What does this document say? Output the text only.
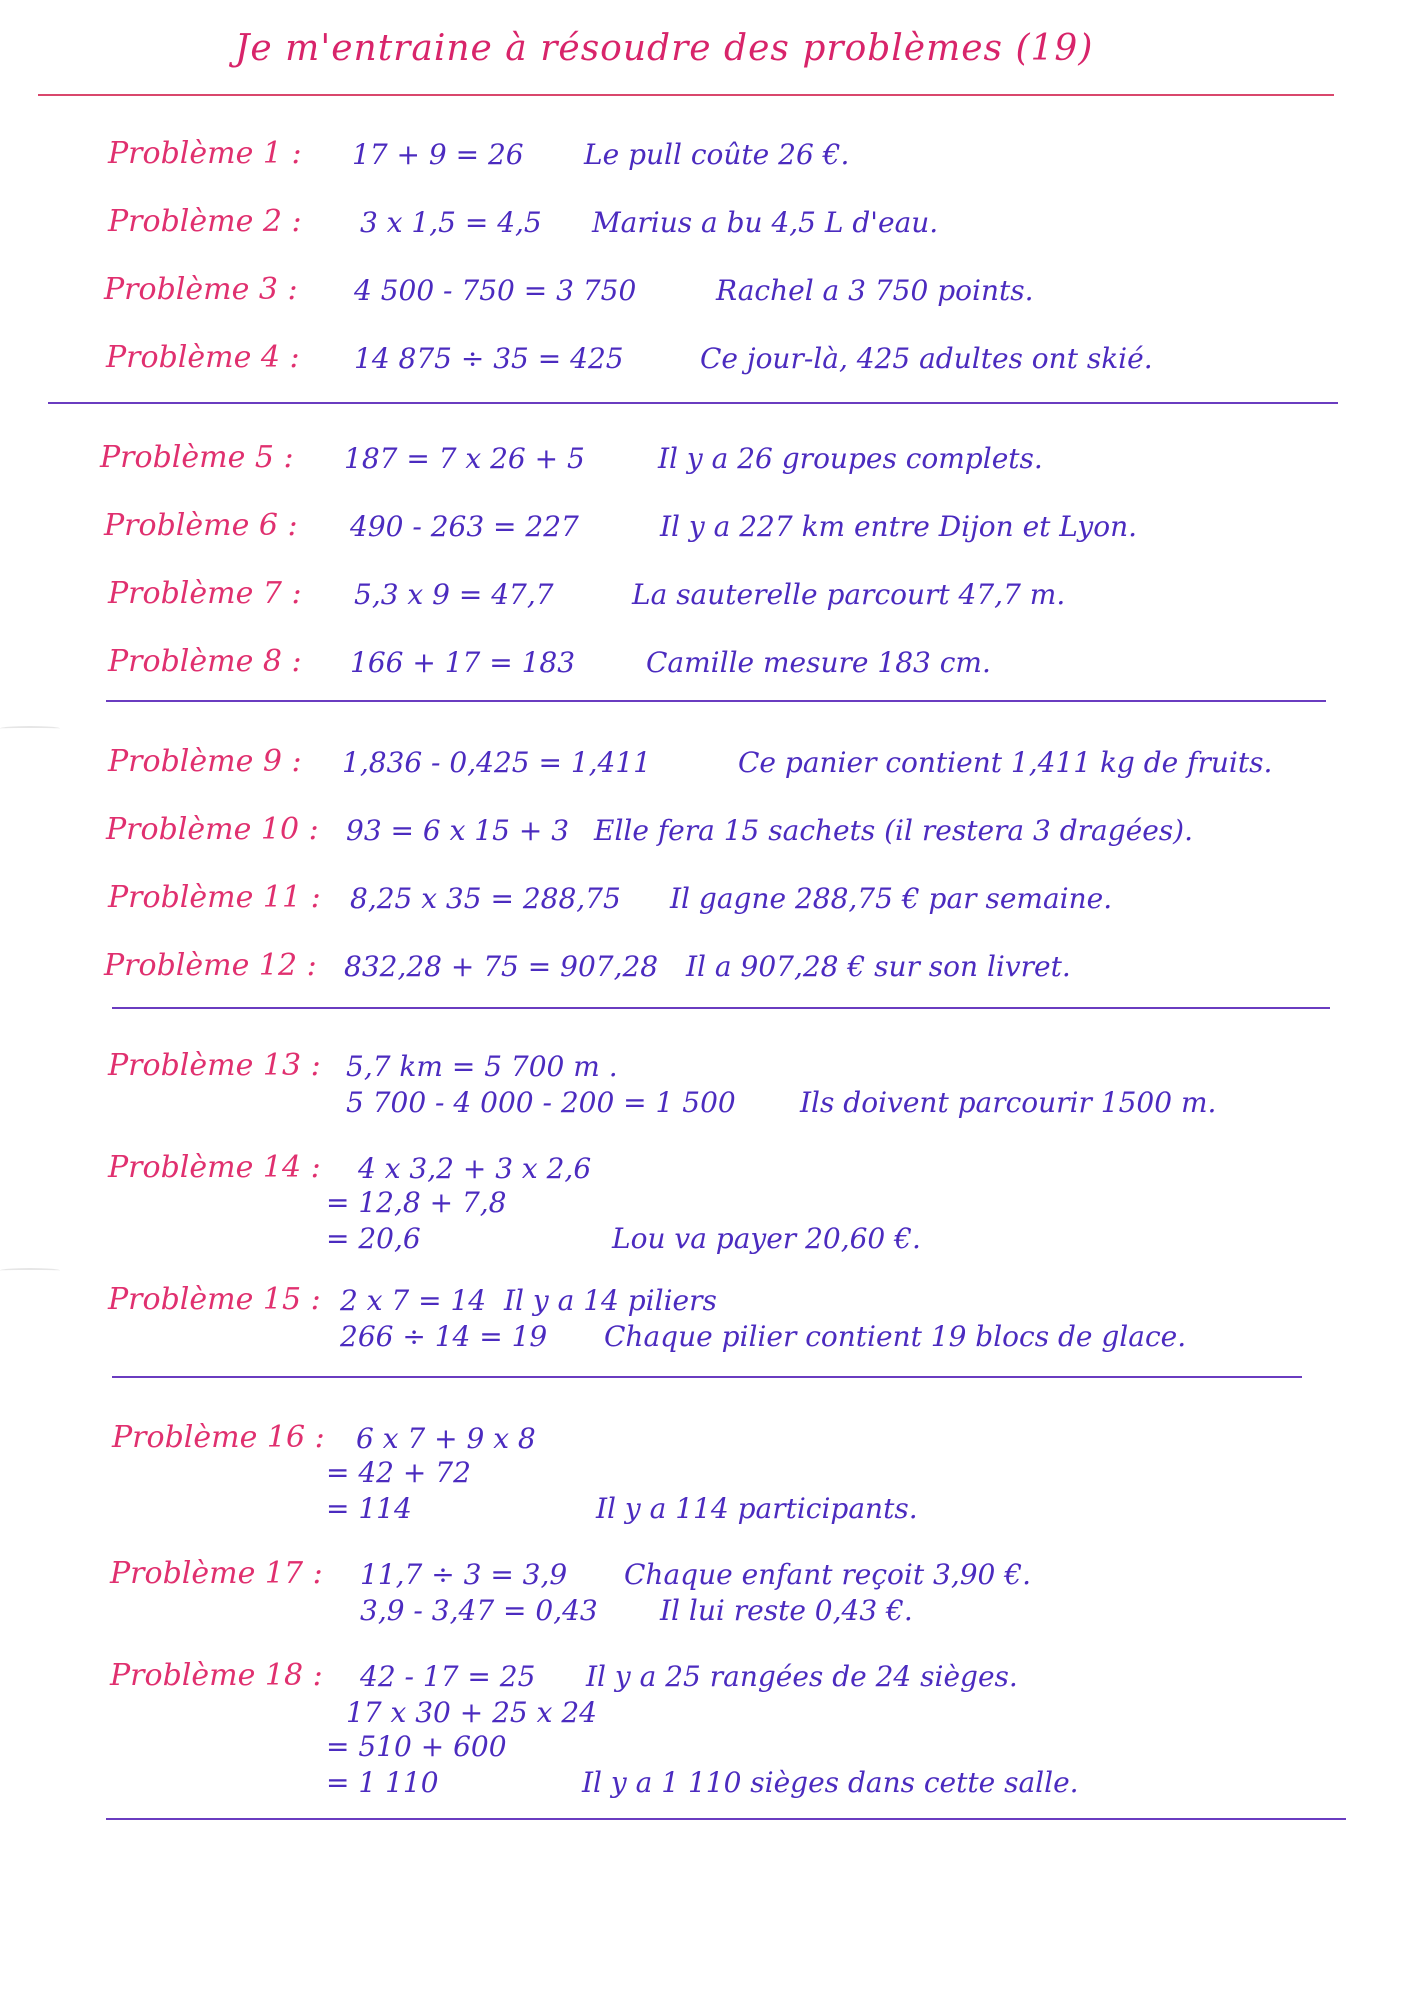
Je m'entraine à résoudre des problèmes (19)
Problème 1 : 17 + 9 = 26 Le pull coûte 26 €.
Problème 2 : 3 x 1,5 = 4,5 Marius a bu 4,5 L d'eau.
Problème 3 : 4 500 - 750 = 3 750	Rachel a 3 750 points.
Problème 4 : 14 875 ÷ 35 = 425	Ce jour-là, 425 adultes ont skié.
Problème 5 : 187 = 7 x 26 + 5	Il y a 26 groupes complets.
Problème 6 : 490 - 263 = 227	Il y a 227 km entre Dijon et Lyon.
Problème 7 : 5,3 x 9 = 47,7	La sauterelle parcourt 47,7 m.
Problème 8 : 166 + 17 = 183	Camille mesure 183 cm.
Problème 9 : 1,836 - 0,425 = 1,411	Ce panier contient 1,411 kg de fruits.
Problème 10 : 93 = 6 x 15 + 3 Elle fera 15 sachets (il restera 3 dragées).
Problème 11 : 8,25 x 35 = 288,75 Il gagne 288,75 € par semaine.
Problème 12 : 832,28 + 75 = 907,28 Il a 907,28 € sur son livret.
Problème 13 : 5,7 km = 5 700 m .
5 700 - 4 000 - 200 = 1 500 Ils doivent parcourir 1500 m.
Problème 14 : 4 x 3,2 + 3 x 2,6
= 12,8 + 7,8
= 20,6	Lou va payer 20,60 €.
Problème 15 : 2 x 7 = 14 Il y a 14 piliers
266 ÷ 14 = 19 Chaque pilier contient 19 blocs de glace.
Problème 16 : 6 x 7 + 9 x 8
= 42 + 72
= 114	Il y a 114 participants.
Problème 17 : 11,7 ÷ 3 = 3,9 Chaque enfant reçoit 3,90 €.
3,9 - 3,47 = 0,43 Il lui reste 0,43 €.
Problème 18 : 42 - 17 = 25 Il y a 25 rangées de 24 sièges.
17 x 30 + 25 x 24
= 510 + 600
= 1 110	Il y a 1 110 sièges dans cette salle.
